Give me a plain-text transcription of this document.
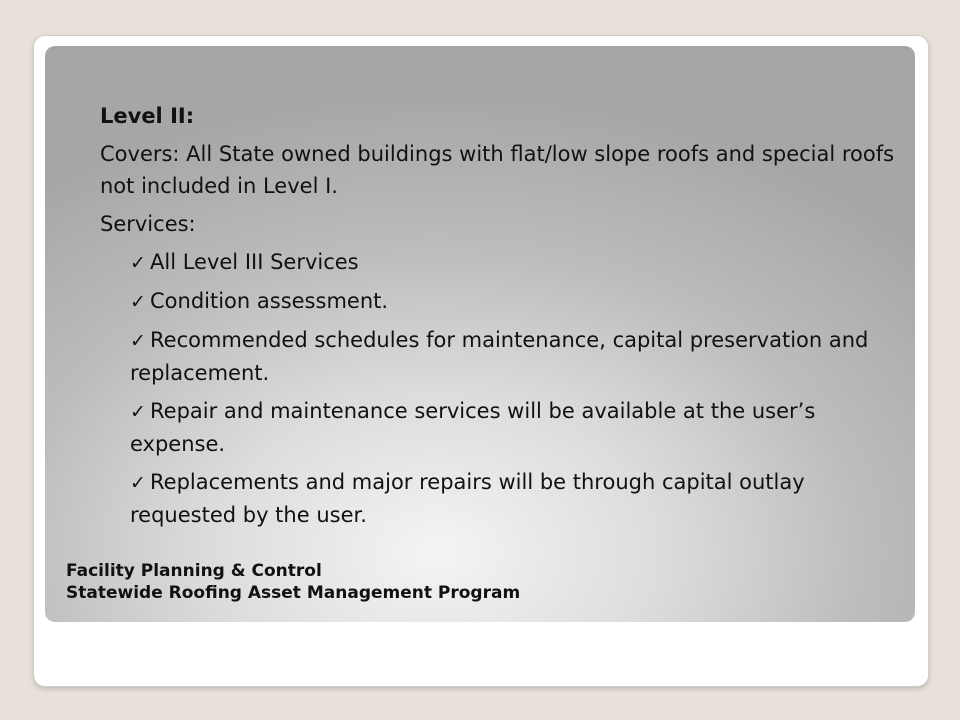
Level II:
Covers: All State owned buildings with flat/low slope roofs and special roofs not included in Level I.
Services:
✓ All Level III Services
✓ Condition assessment.
✓ Recommended schedules for maintenance, capital preservation and replacement.
✓ Repair and maintenance services will be available at the user’s expense.
✓ Replacements and major repairs will be through capital outlay requested by the user.
Facility Planning & Control
Statewide Roofing Asset Management Program
